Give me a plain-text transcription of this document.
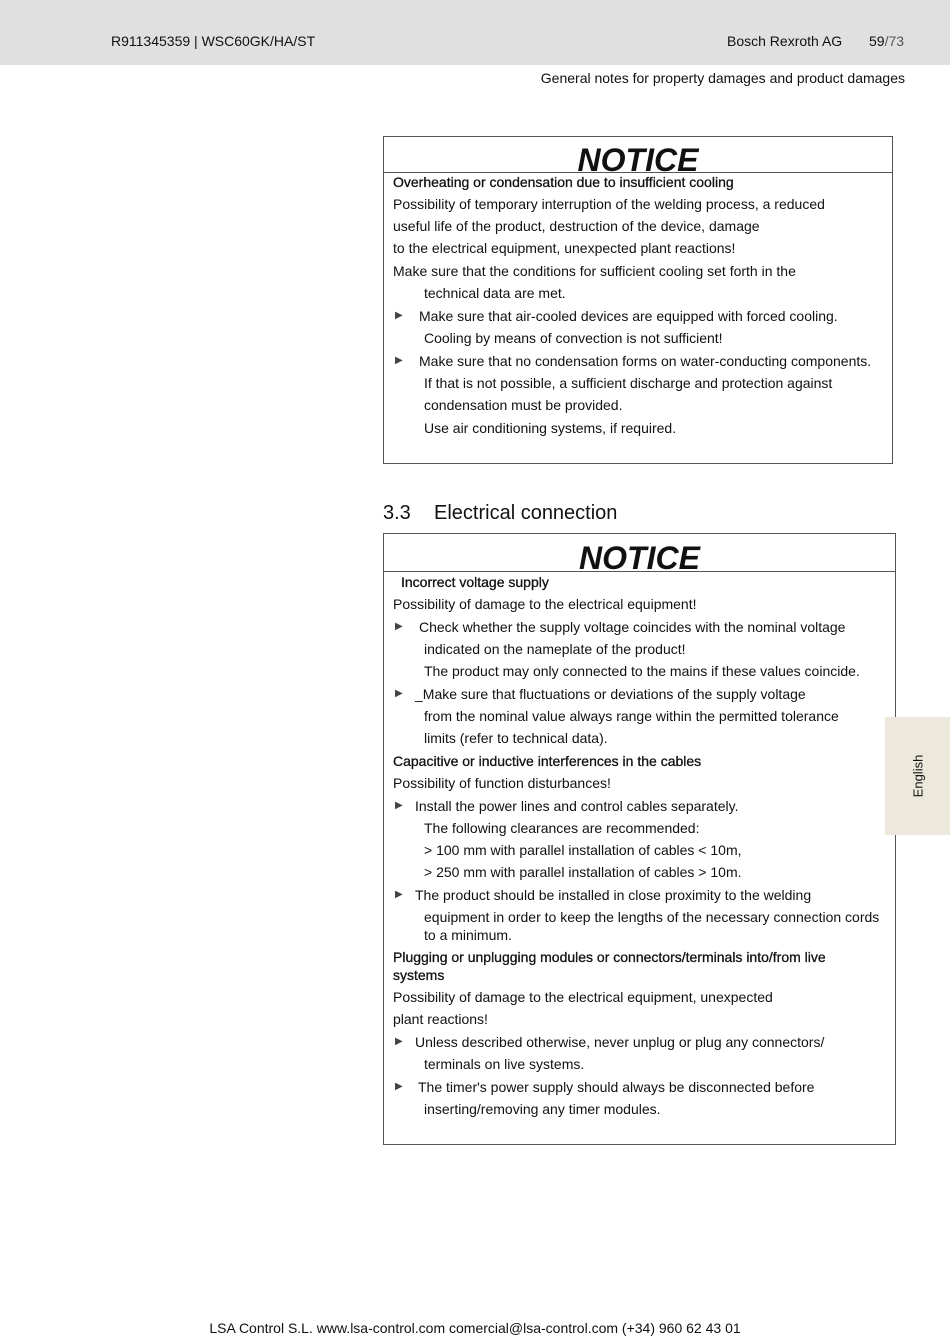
R911345359 | WSC60GK/HA/ST	Bosch Rexroth AG 59/73
General notes for property damages and product damages
NOTICE
Overheating or condensation due to insufficient cooling
Possibility of temporary interruption of the welding process, a reduced
useful life of the product, destruction of the device, damage
to the electrical equipment, unexpected plant reactions!
Make sure that the conditions for sufficient cooling set forth in the
technical data are met.
▶ Make sure that air-cooled devices are equipped with forced cooling.
Cooling by means of convection is not sufficient!
▶ Make sure that no condensation forms on water-conducting components.
If that is not possible, a sufficient discharge and protection against
condensation must be provided.
Use air conditioning systems, if required.
3.3 Electrical connection
NOTICE
Incorrect voltage supply
Possibility of damage to the electrical equipment!
▶ Check whether the supply voltage coincides with the nominal voltage
indicated on the nameplate of the product!
The product may only connected to the mains if these values coincide.
▶ _Make sure that fluctuations or deviations of the supply voltage
from the nominal value always range within the permitted tolerance
limits (refer to technical data).
Capacitive or inductive interferences in the cables
Possibility of function disturbances!
▶ Install the power lines and control cables separately.
The following clearances are recommended:
> 100 mm with parallel installation of cables < 10m,
> 250 mm with parallel installation of cables > 10m.
▶ The product should be installed in close proximity to the welding
equipment in order to keep the lengths of the necessary connection cords
to a minimum.
Plugging or unplugging modules or connectors/terminals into/from live
systems
Possibility of damage to the electrical equipment, unexpected
plant reactions!
▶ Unless described otherwise, never unplug or plug any connectors/
terminals on live systems.
▶ The timer's power supply should always be disconnected before
inserting/removing any timer modules.
English
LSA Control S.L. www.lsa-control.com comercial@lsa-control.com (+34) 960 62 43 01
